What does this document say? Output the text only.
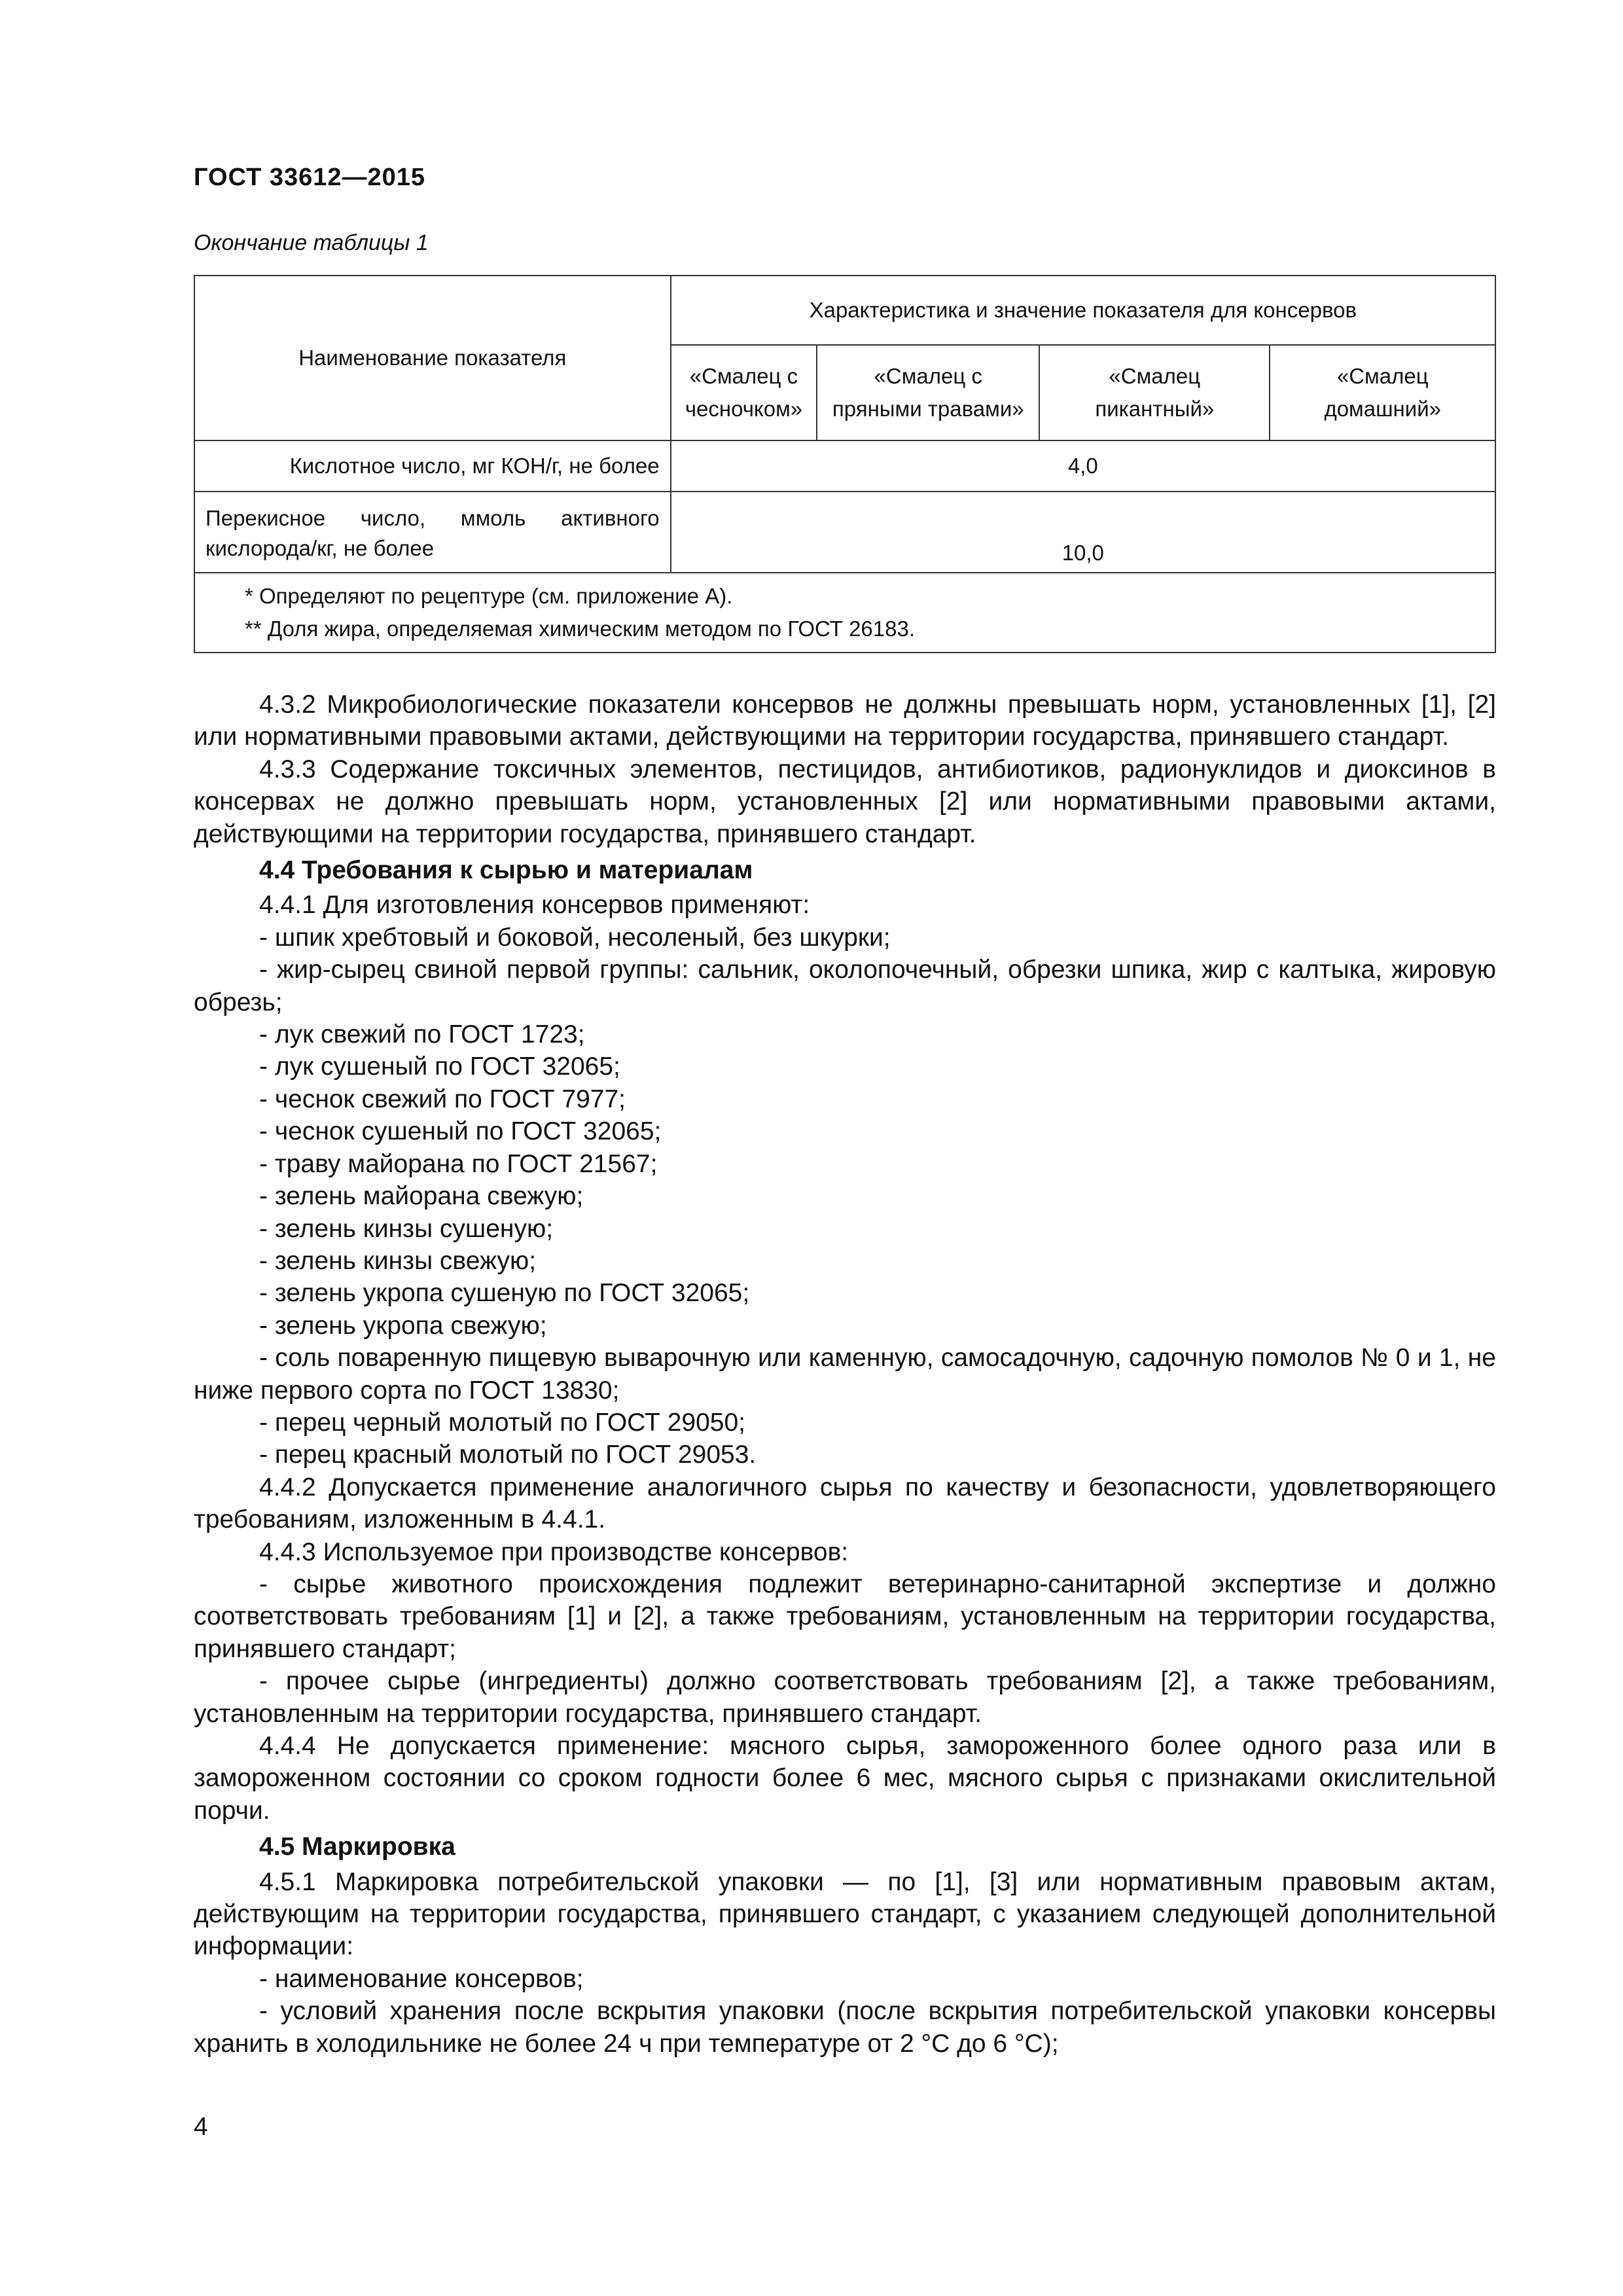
ГОСТ 33612—2015
Окончание таблицы 1
Наименование показателя	Характеристика и значение показателя для консервов			
	«Смалец с чесночком»	«Смалец с пряными травами»	«Смалец пикантный»	«Смалец домашний»
Кислотное число, мг КОН/г, не более	4,0			
Перекисное число, ммоль активного кислорода/кг, не более	10,0			

* Определяют по рецептуре (см. приложение А).
** Доля жира, определяемая химическим методом по ГОСТ 26183.				

4.3.2 Микробиологические показатели консервов не должны превышать норм, установленных [1], [2] или нормативными правовыми актами, действующими на территории государства, принявшего стандарт.

4.3.3 Содержание токсичных элементов, пестицидов, антибиотиков, радионуклидов и диоксинов в консервах не должно превышать норм, установленных [2] или нормативными правовыми актами, действующими на территории государства, принявшего стандарт.

4.4 Требования к сырью и материалам

4.4.1 Для изготовления консервов применяют:

- шпик хребтовый и боковой, несоленый, без шкурки;

- жир-сырец свиной первой группы: сальник, околопочечный, обрезки шпика, жир с калтыка, жировую обрезь;

- лук свежий по ГОСТ 1723;

- лук сушеный по ГОСТ 32065;

- чеснок свежий по ГОСТ 7977;

- чеснок сушеный по ГОСТ 32065;

- траву майорана по ГОСТ 21567;

- зелень майорана свежую;

- зелень кинзы сушеную;

- зелень кинзы свежую;

- зелень укропа сушеную по ГОСТ 32065;

- зелень укропа свежую;

- соль поваренную пищевую выварочную или каменную, самосадочную, садочную помолов № 0 и 1, не ниже первого сорта по ГОСТ 13830;

- перец черный молотый по ГОСТ 29050;

- перец красный молотый по ГОСТ 29053.

4.4.2 Допускается применение аналогичного сырья по качеству и безопасности, удовлетворяющего требованиям, изложенным в 4.4.1.

4.4.3 Используемое при производстве консервов:

- сырье животного происхождения подлежит ветеринарно-санитарной экспертизе и должно соответствовать требованиям [1] и [2], а также требованиям, установленным на территории государства, принявшего стандарт;

- прочее сырье (ингредиенты) должно соответствовать требованиям [2], а также требованиям, установленным на территории государства, принявшего стандарт.

4.4.4 Не допускается применение: мясного сырья, замороженного более одного раза или в замороженном состоянии со сроком годности более 6 мес, мясного сырья с признаками окислительной порчи.

4.5 Маркировка

4.5.1 Маркировка потребительской упаковки — по [1], [3] или нормативным правовым актам, действующим на территории государства, принявшего стандарт, с указанием следующей дополнительной информации:

- наименование консервов;

- условий хранения после вскрытия упаковки (после вскрытия потребительской упаковки консервы хранить в холодильнике не более 24 ч при температуре от 2 °С до 6 °С);

4
